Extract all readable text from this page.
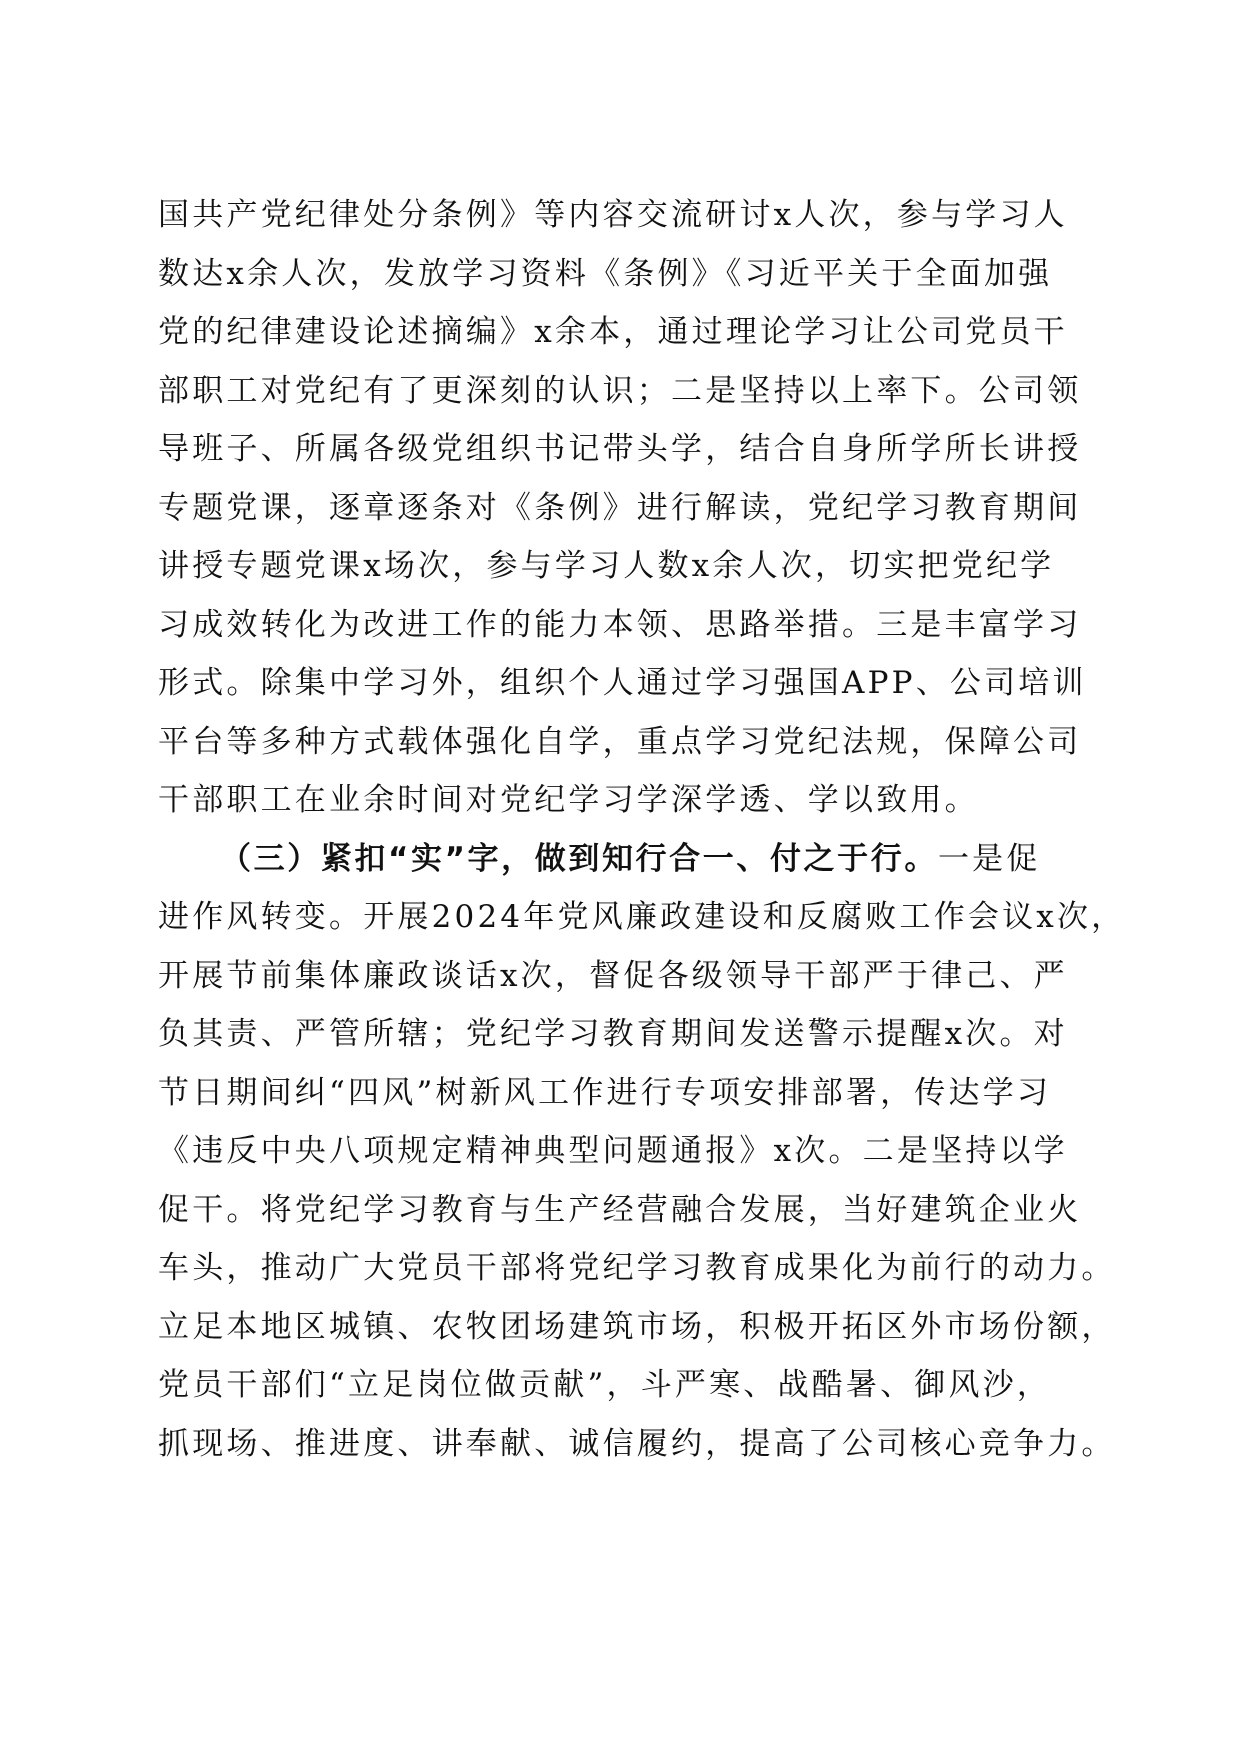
国共产党纪律处分条例》等内容交流研讨x人次，参与学习人
数达x余人次，发放学习资料《条例》《习近平关于全面加强
党的纪律建设论述摘编》x余本，通过理论学习让公司党员干
部职工对党纪有了更深刻的认识；二是坚持以上率下。公司领
导班子、所属各级党组织书记带头学，结合自身所学所长讲授
专题党课，逐章逐条对《条例》进行解读，党纪学习教育期间
讲授专题党课x场次，参与学习人数x余人次，切实把党纪学
习成效转化为改进工作的能力本领、思路举措。三是丰富学习
形式。除集中学习外，组织个人通过学习强国APP、公司培训
平台等多种方式载体强化自学，重点学习党纪法规，保障公司
干部职工在业余时间对党纪学习学深学透、学以致用。
（三）紧扣“实”字，做到知行合一、付之于行。一是促
进作风转变。开展2024年党风廉政建设和反腐败工作会议x次，
开展节前集体廉政谈话x次，督促各级领导干部严于律己、严
负其责、严管所辖；党纪学习教育期间发送警示提醒x次。对
节日期间纠“四风”树新风工作进行专项安排部署，传达学习
《违反中央八项规定精神典型问题通报》x次。二是坚持以学
促干。将党纪学习教育与生产经营融合发展，当好建筑企业火
车头，推动广大党员干部将党纪学习教育成果化为前行的动力。
立足本地区城镇、农牧团场建筑市场，积极开拓区外市场份额，
党员干部们“立足岗位做贡献”，斗严寒、战酷暑、御风沙，
抓现场、推进度、讲奉献、诚信履约，提高了公司核心竞争力。
